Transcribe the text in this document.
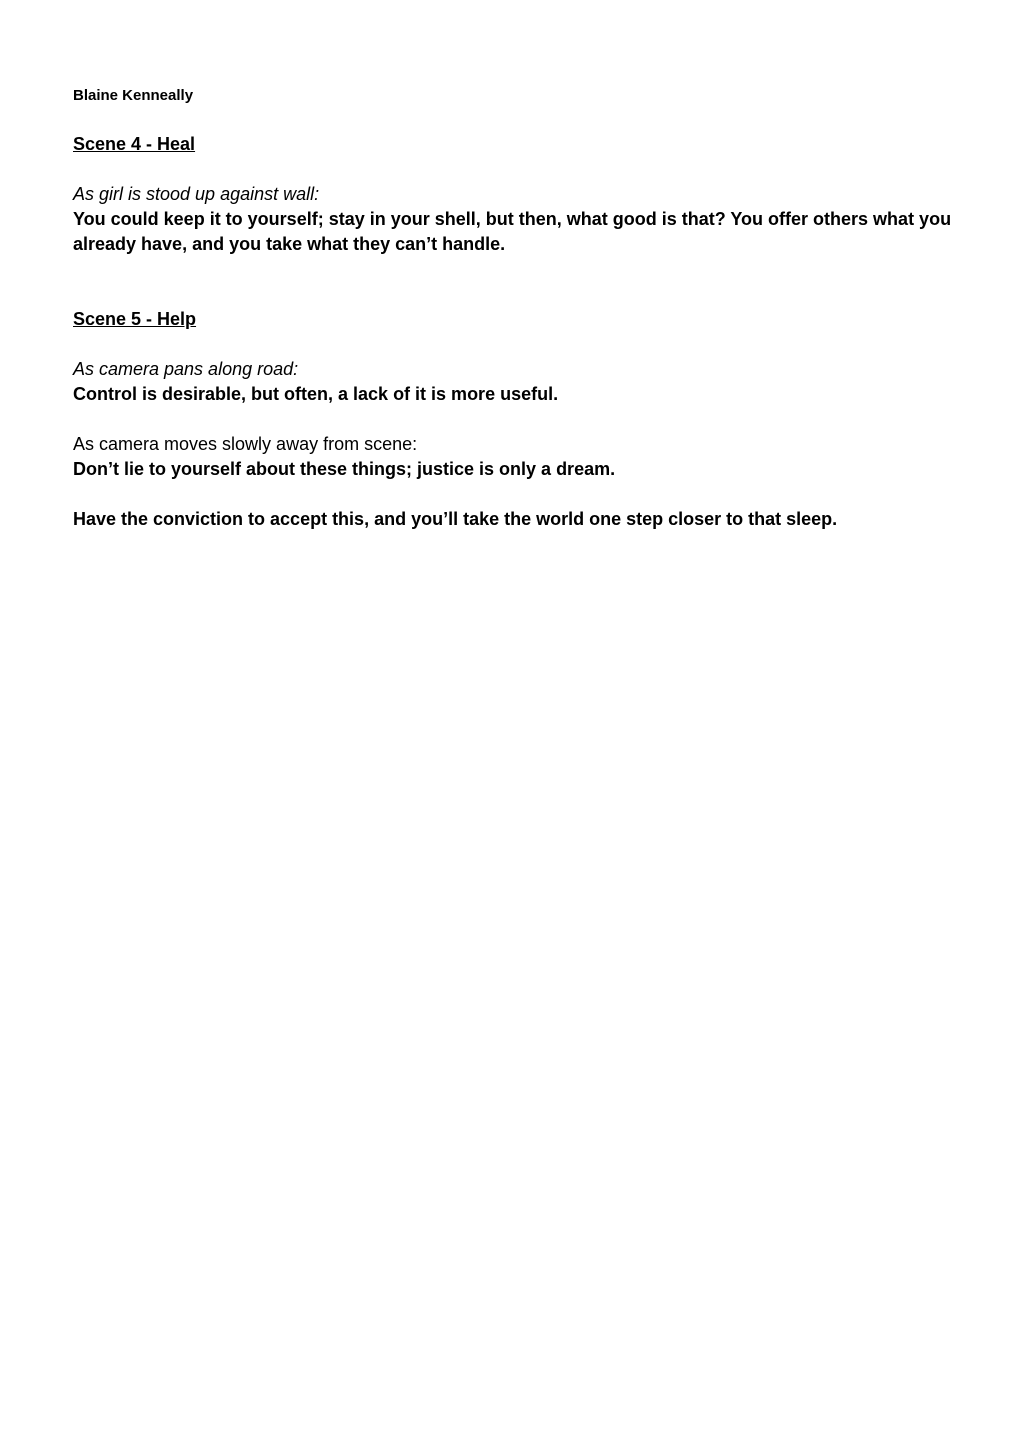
Blaine Kenneally
Scene 4 - Heal
As girl is stood up against wall:
You could keep it to yourself; stay in your shell, but then, what good is that? You offer others what you already have, and you take what they can’t handle.
Scene 5 - Help
As camera pans along road:
Control is desirable, but often, a lack of it is more useful.
As camera moves slowly away from scene:
Don’t lie to yourself about these things; justice is only a dream.
Have the conviction to accept this, and you’ll take the world one step closer to that sleep.
